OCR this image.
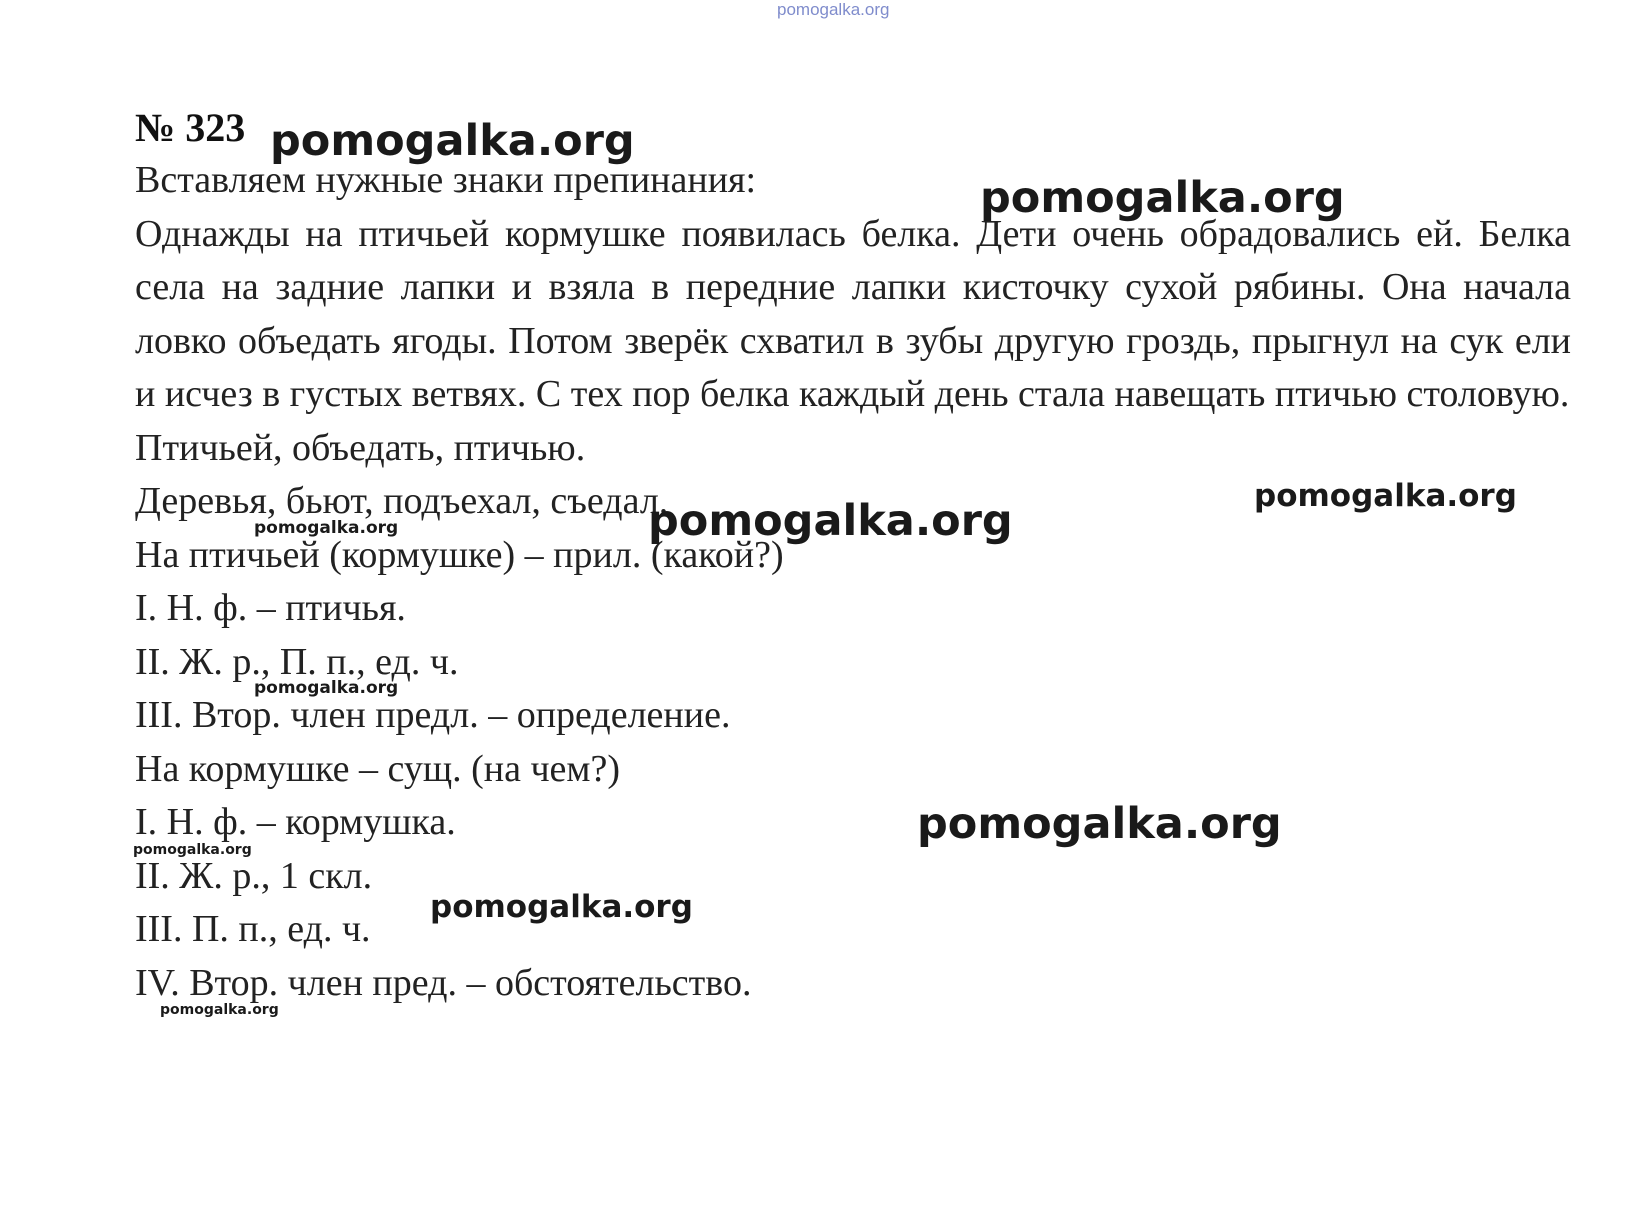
pomogalka.org
№ 323
Вставляем нужные знаки препинания:

Однажды на птичьей кормушке появилась белка. Дети очень обрадовались ей. Белка села на задние лапки и взяла в передние лапки кисточку сухой рябины. Она начала ловко объедать ягоды. Потом зверёк схватил в зубы другую гроздь, прыгнул на сук ели и исчез в густых ветвях. С тех пор белка каждый день стала навещать птичью столовую.

Птичьей, объедать, птичью.
Деревья, бьют, подъехал, съедал.
На птичьей (кормушке) – прил. (какой?)
I. Н. ф. – птичья.
II. Ж. р., П. п., ед. ч.
III. Втор. член предл. – определение.
На кормушке – сущ. (на чем?)
I. Н. ф. – кормушка.
II. Ж. р., 1 скл.
III. П. п., ед. ч.
IV. Втор. член пред. – обстоятельство.
pomogalka.org
pomogalka.org
pomogalka.org
pomogalka.org
pomogalka.org
pomogalka.org
pomogalka.org
pomogalka.org
pomogalka.org
pomogalka.org
